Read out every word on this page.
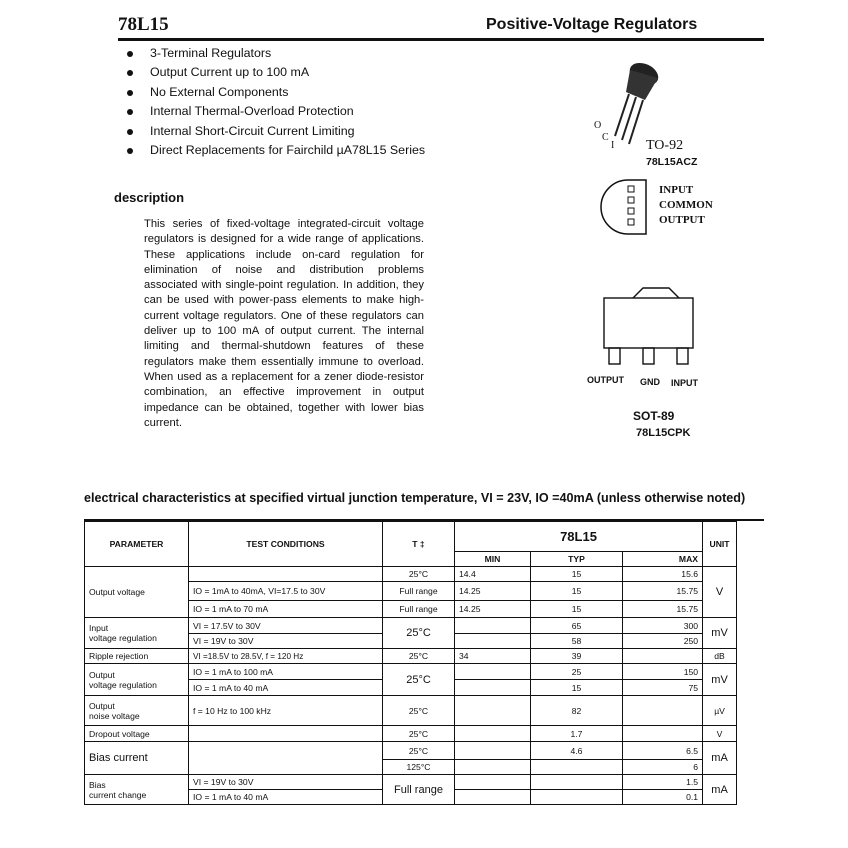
78L15	Positive-Voltage Regulators
3-Terminal Regulators
Output Current up to 100 mA
No External Components
Internal Thermal-Overload Protection
Internal Short-Circuit Current Limiting
Direct Replacements for Fairchild µA78L15 Series
description
This series of fixed-voltage integrated-circuit voltage regulators is designed for a wide range of applications. These applications include on-card regulation for elimination of noise and distribution problems associated with single-point regulation. In addition, they can be used with power-pass elements to make high-current voltage regulators. One of these regulators can deliver up to 100 mA of output current. The internal limiting and thermal-shutdown features of these regulators make them essentially immune to overload. When used as a replacement for a zener diode-resistor combination, an effective improvement in output impedance can be obtained, together with lower bias current.
O
C
I TO-92
78L15ACZ
INPUT
COMMON
OUTPUT
OUTPUT GND INPUT
SOT-89
78L15CPK
electrical characteristics at specified virtual junction temperature, VI = 23V, IO =40mA (unless otherwise noted)
PARAMETER	TEST CONDITIONS	T ‡	78L15			UNIT
			MIN	TYP	MAX	
Output voltage		25°C	14.4	15	15.6	V
	IO = 1mA to 40mA, VI=17.5 to 30V	Full range	14.25	15	15.75	
	IO = 1 mA to 70 mA	Full range	14.25	15	15.75	

Input
voltage regulation	VI = 17.5V to 30V	25°C		65	300	mV
	VI = 19V to 30V			58	250	
Ripple rejection	VI =18.5V to 28.5V, f = 120 Hz	25°C	34	39		dB

Output
voltage regulation	IO = 1 mA to 100 mA	25°C		25	150	mV
	IO = 1 mA to 40 mA			15	75	

Output
noise voltage	f = 10 Hz to 100 kHz	25°C		82		µV
Dropout voltage		25°C		1.7		V
Bias current		25°C		4.6	6.5	mA
		125°C			6	

Bias
current change	VI = 19V to 30V	Full range			1.5	mA
	IO = 1 mA to 40 mA				0.1	
